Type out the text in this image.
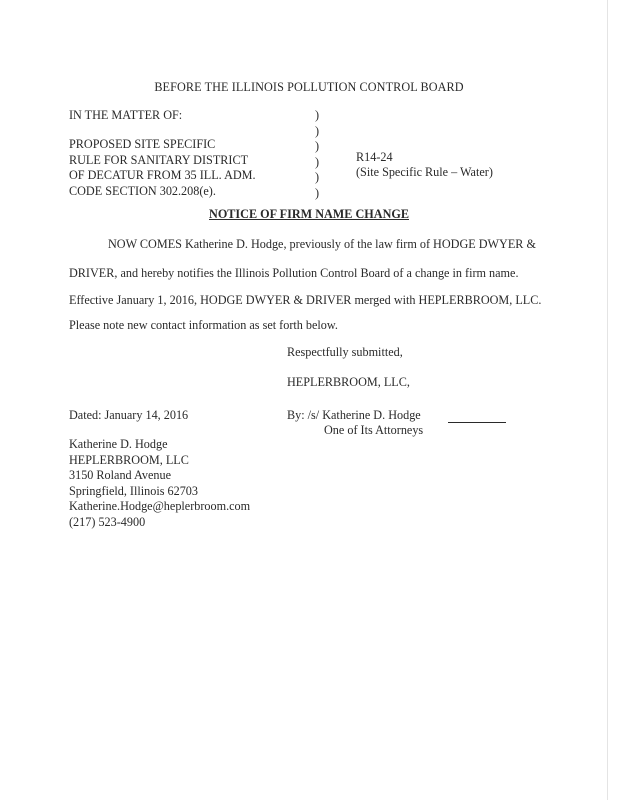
BEFORE THE ILLINOIS POLLUTION CONTROL BOARD
IN THE MATTER OF:
PROPOSED SITE SPECIFIC
RULE FOR SANITARY DISTRICT
OF DECATUR FROM 35 ILL. ADM.
CODE SECTION 302.208(e).
)
)
)
)
)
)
R14-24
(Site Specific Rule – Water)
NOTICE OF FIRM NAME CHANGE
NOW COMES Katherine D. Hodge, previously of the law firm of HODGE DWYER &
DRIVER, and hereby notifies the Illinois Pollution Control Board of a change in firm name.
Effective January 1, 2016, HODGE DWYER & DRIVER merged with HEPLERBROOM, LLC.
Please note new contact information as set forth below.
Respectfully submitted,
HEPLERBROOM, LLC,
Dated: January 14, 2016	By: /s/ Katherine D. Hodge
One of Its Attorneys
Katherine D. Hodge
HEPLERBROOM, LLC
3150 Roland Avenue
Springfield, Illinois 62703
Katherine.Hodge@heplerbroom.com
(217) 523-4900
